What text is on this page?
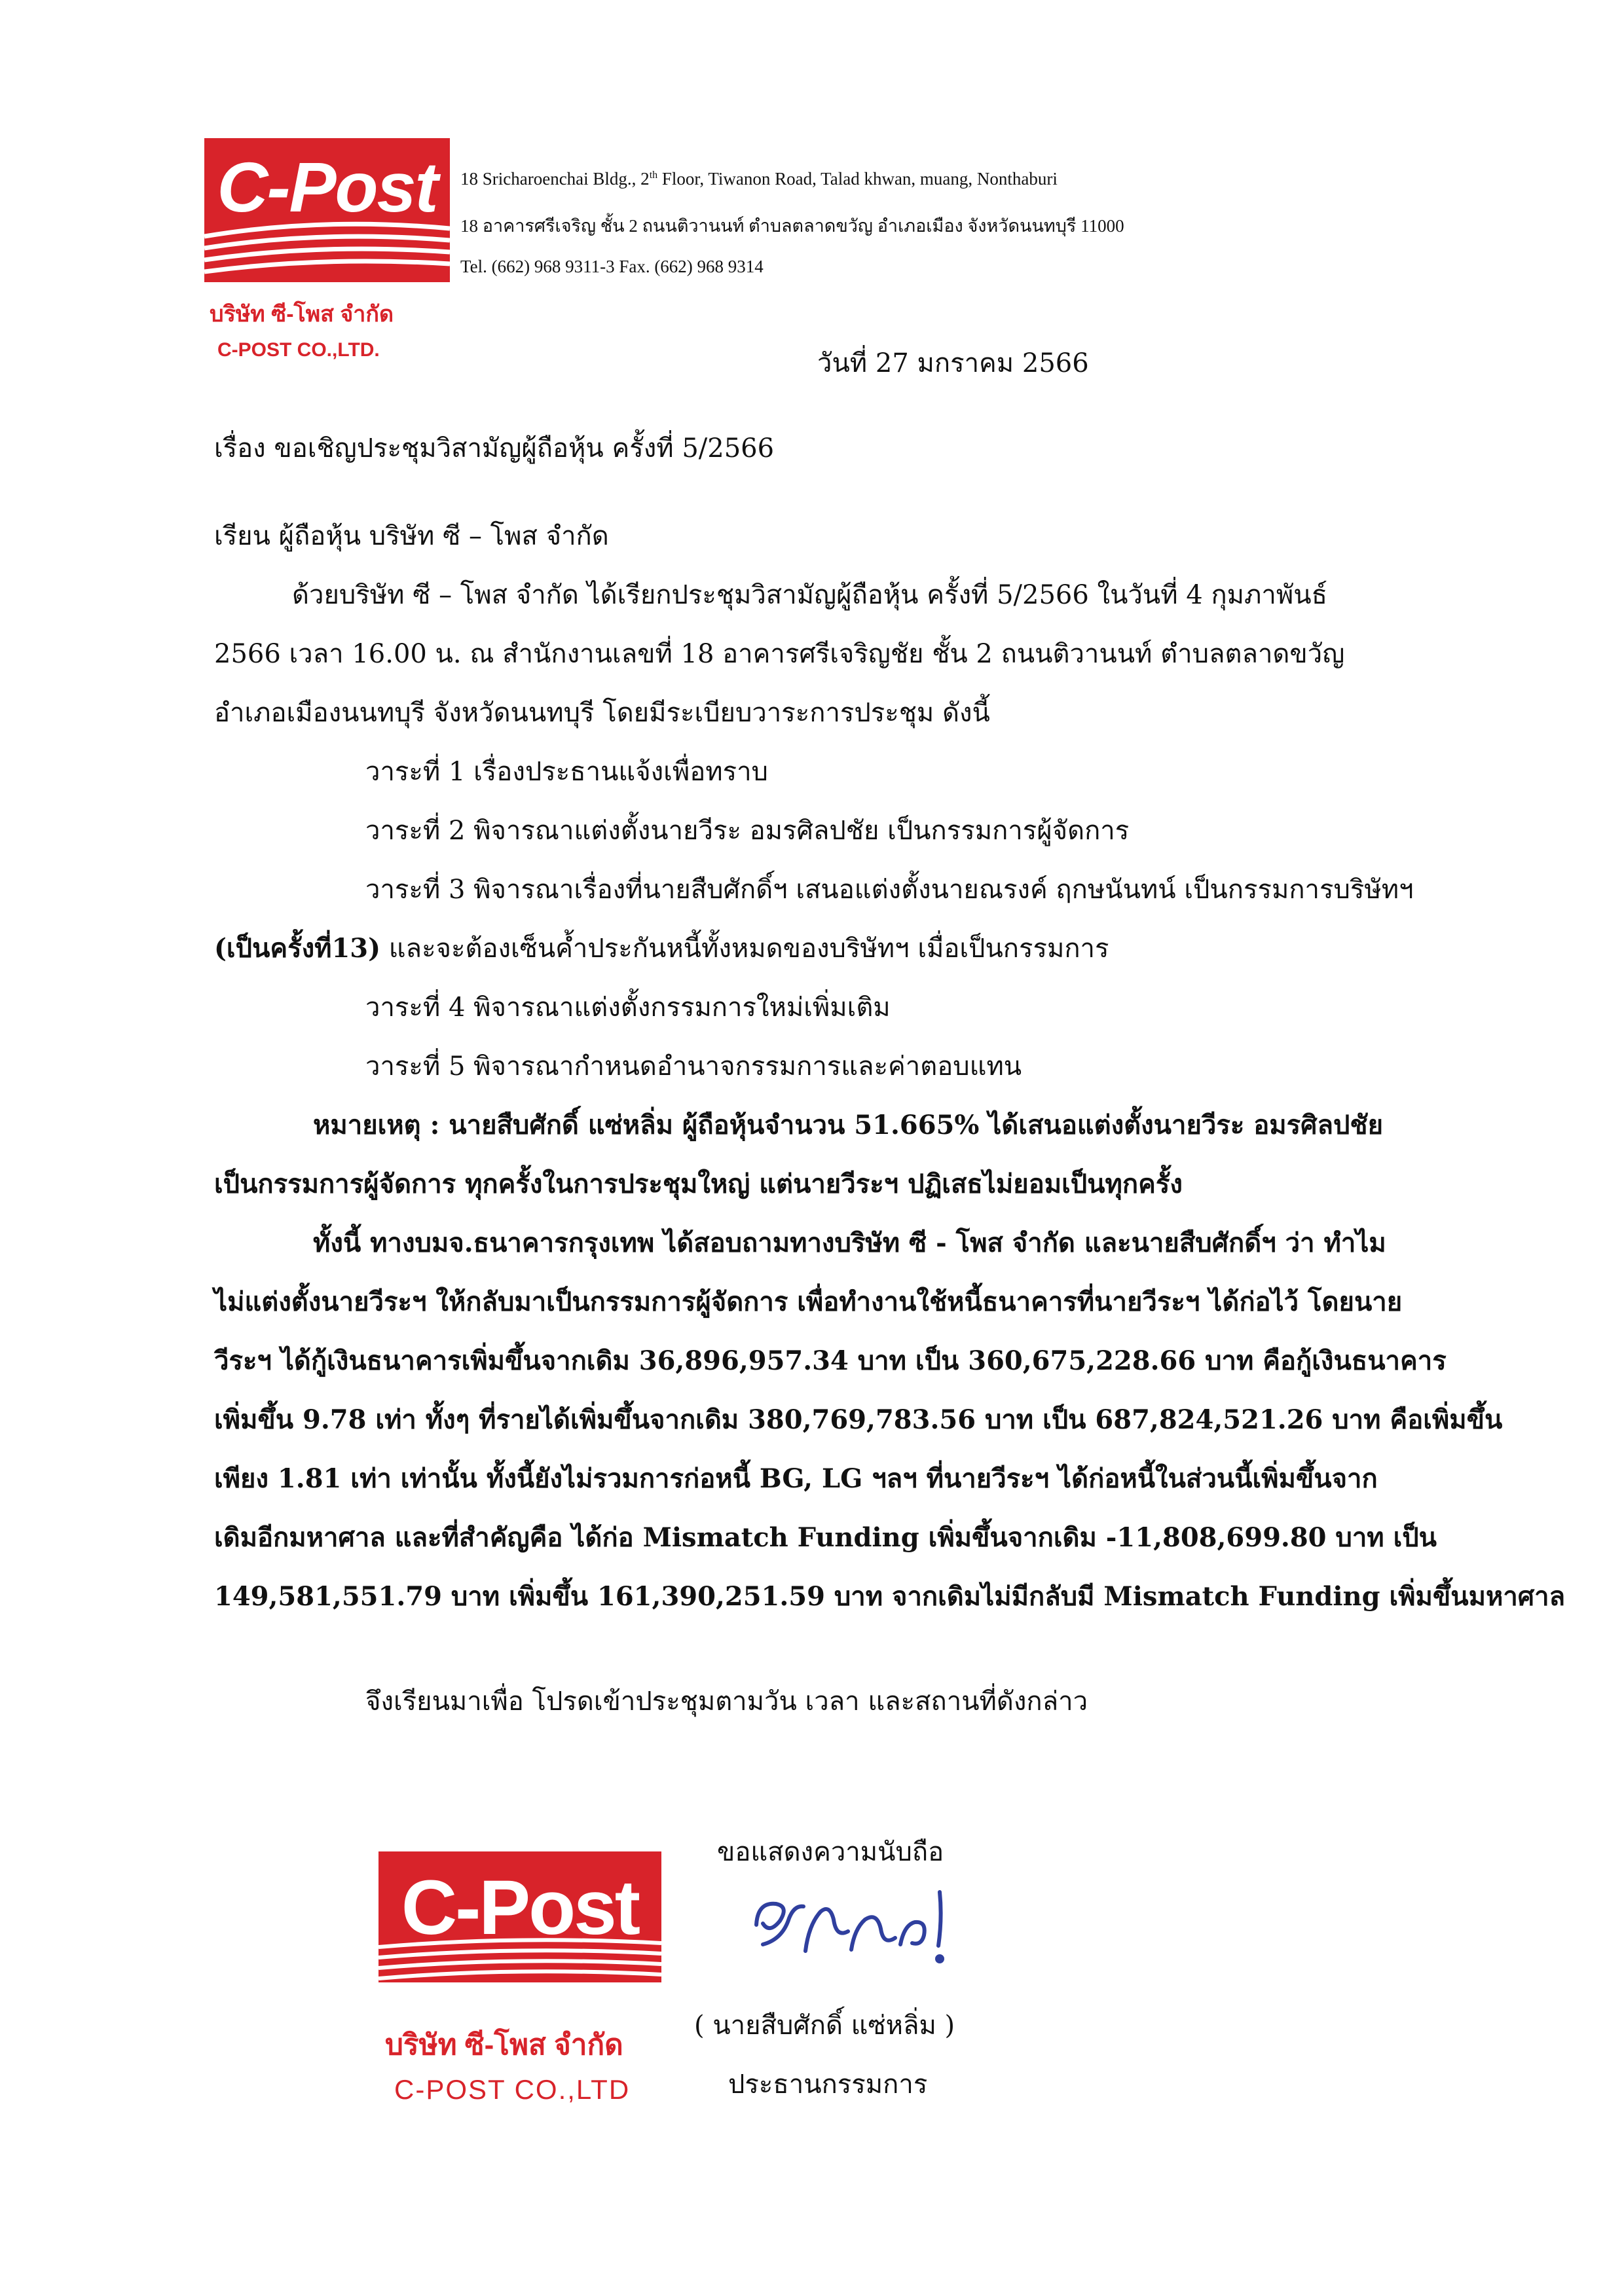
C-Post
บริษัท ซี-โพส จำกัด
C-POST CO.,LTD.
18 Sricharoenchai Bldg., 2th Floor, Tiwanon Road, Talad khwan, muang, Nonthaburi
18 อาคารศรีเจริญ ชั้น 2 ถนนติวานนท์ ตำบลตลาดขวัญ อำเภอเมือง จังหวัดนนทบุรี 11000
Tel. (662) 968 9311-3 Fax. (662) 968 9314
วันที่ 27 มกราคม 2566
เรื่อง ขอเชิญประชุมวิสามัญผู้ถือหุ้น ครั้งที่ 5/2566
เรียน ผู้ถือหุ้น บริษัท ซี – โพส จำกัด
ด้วยบริษัท ซี – โพส จำกัด ได้เรียกประชุมวิสามัญผู้ถือหุ้น ครั้งที่ 5/2566 ในวันที่ 4 กุมภาพันธ์
2566 เวลา 16.00 น. ณ สำนักงานเลขที่ 18 อาคารศรีเจริญชัย ชั้น 2 ถนนติวานนท์ ตำบลตลาดขวัญ
อำเภอเมืองนนทบุรี จังหวัดนนทบุรี โดยมีระเบียบวาระการประชุม ดังนี้
วาระที่ 1 เรื่องประธานแจ้งเพื่อทราบ
วาระที่ 2 พิจารณาแต่งตั้งนายวีระ อมรศิลปชัย เป็นกรรมการผู้จัดการ
วาระที่ 3 พิจารณาเรื่องที่นายสืบศักดิ์ฯ เสนอแต่งตั้งนายณรงค์ ฤกษนันทน์ เป็นกรรมการบริษัทฯ
(เป็นครั้งที่13) และจะต้องเซ็นค้ำประกันหนี้ทั้งหมดของบริษัทฯ เมื่อเป็นกรรมการ
วาระที่ 4 พิจารณาแต่งตั้งกรรมการใหม่เพิ่มเติม
วาระที่ 5 พิจารณากำหนดอำนาจกรรมการและค่าตอบแทน
หมายเหตุ : นายสืบศักดิ์ แซ่หลิ่ม ผู้ถือหุ้นจำนวน 51.665% ได้เสนอแต่งตั้งนายวีระ อมรศิลปชัย
เป็นกรรมการผู้จัดการ ทุกครั้งในการประชุมใหญ่ แต่นายวีระฯ ปฏิเสธไม่ยอมเป็นทุกครั้ง
ทั้งนี้ ทางบมจ.ธนาคารกรุงเทพ ได้สอบถามทางบริษัท ซี - โพส จำกัด และนายสืบศักดิ์ฯ ว่า ทำไม
ไม่แต่งตั้งนายวีระฯ ให้กลับมาเป็นกรรมการผู้จัดการ เพื่อทำงานใช้หนี้ธนาคารที่นายวีระฯ ได้ก่อไว้ โดยนาย
วีระฯ ได้กู้เงินธนาคารเพิ่มขึ้นจากเดิม 36,896,957.34 บาท เป็น 360,675,228.66 บาท คือกู้เงินธนาคาร
เพิ่มขึ้น 9.78 เท่า ทั้งๆ ที่รายได้เพิ่มขึ้นจากเดิม 380,769,783.56 บาท เป็น 687,824,521.26 บาท คือเพิ่มขึ้น
เพียง 1.81 เท่า เท่านั้น ทั้งนี้ยังไม่รวมการก่อหนี้ BG, LG ฯลฯ ที่นายวีระฯ ได้ก่อหนี้ในส่วนนี้เพิ่มขึ้นจาก
เดิมอีกมหาศาล และที่สำคัญคือ ได้ก่อ Mismatch Funding เพิ่มขึ้นจากเดิม -11,808,699.80 บาท เป็น
149,581,551.79 บาท เพิ่มขึ้น 161,390,251.59 บาท จากเดิมไม่มีกลับมี Mismatch Funding เพิ่มขึ้นมหาศาล
จึงเรียนมาเพื่อ โปรดเข้าประชุมตามวัน เวลา และสถานที่ดังกล่าว
C-Post
บริษัท ซี-โพส จำกัด
C-POST CO.,LTD
ขอแสดงความนับถือ
( นายสืบศักดิ์ แซ่หลิ่ม )
ประธานกรรมการ
